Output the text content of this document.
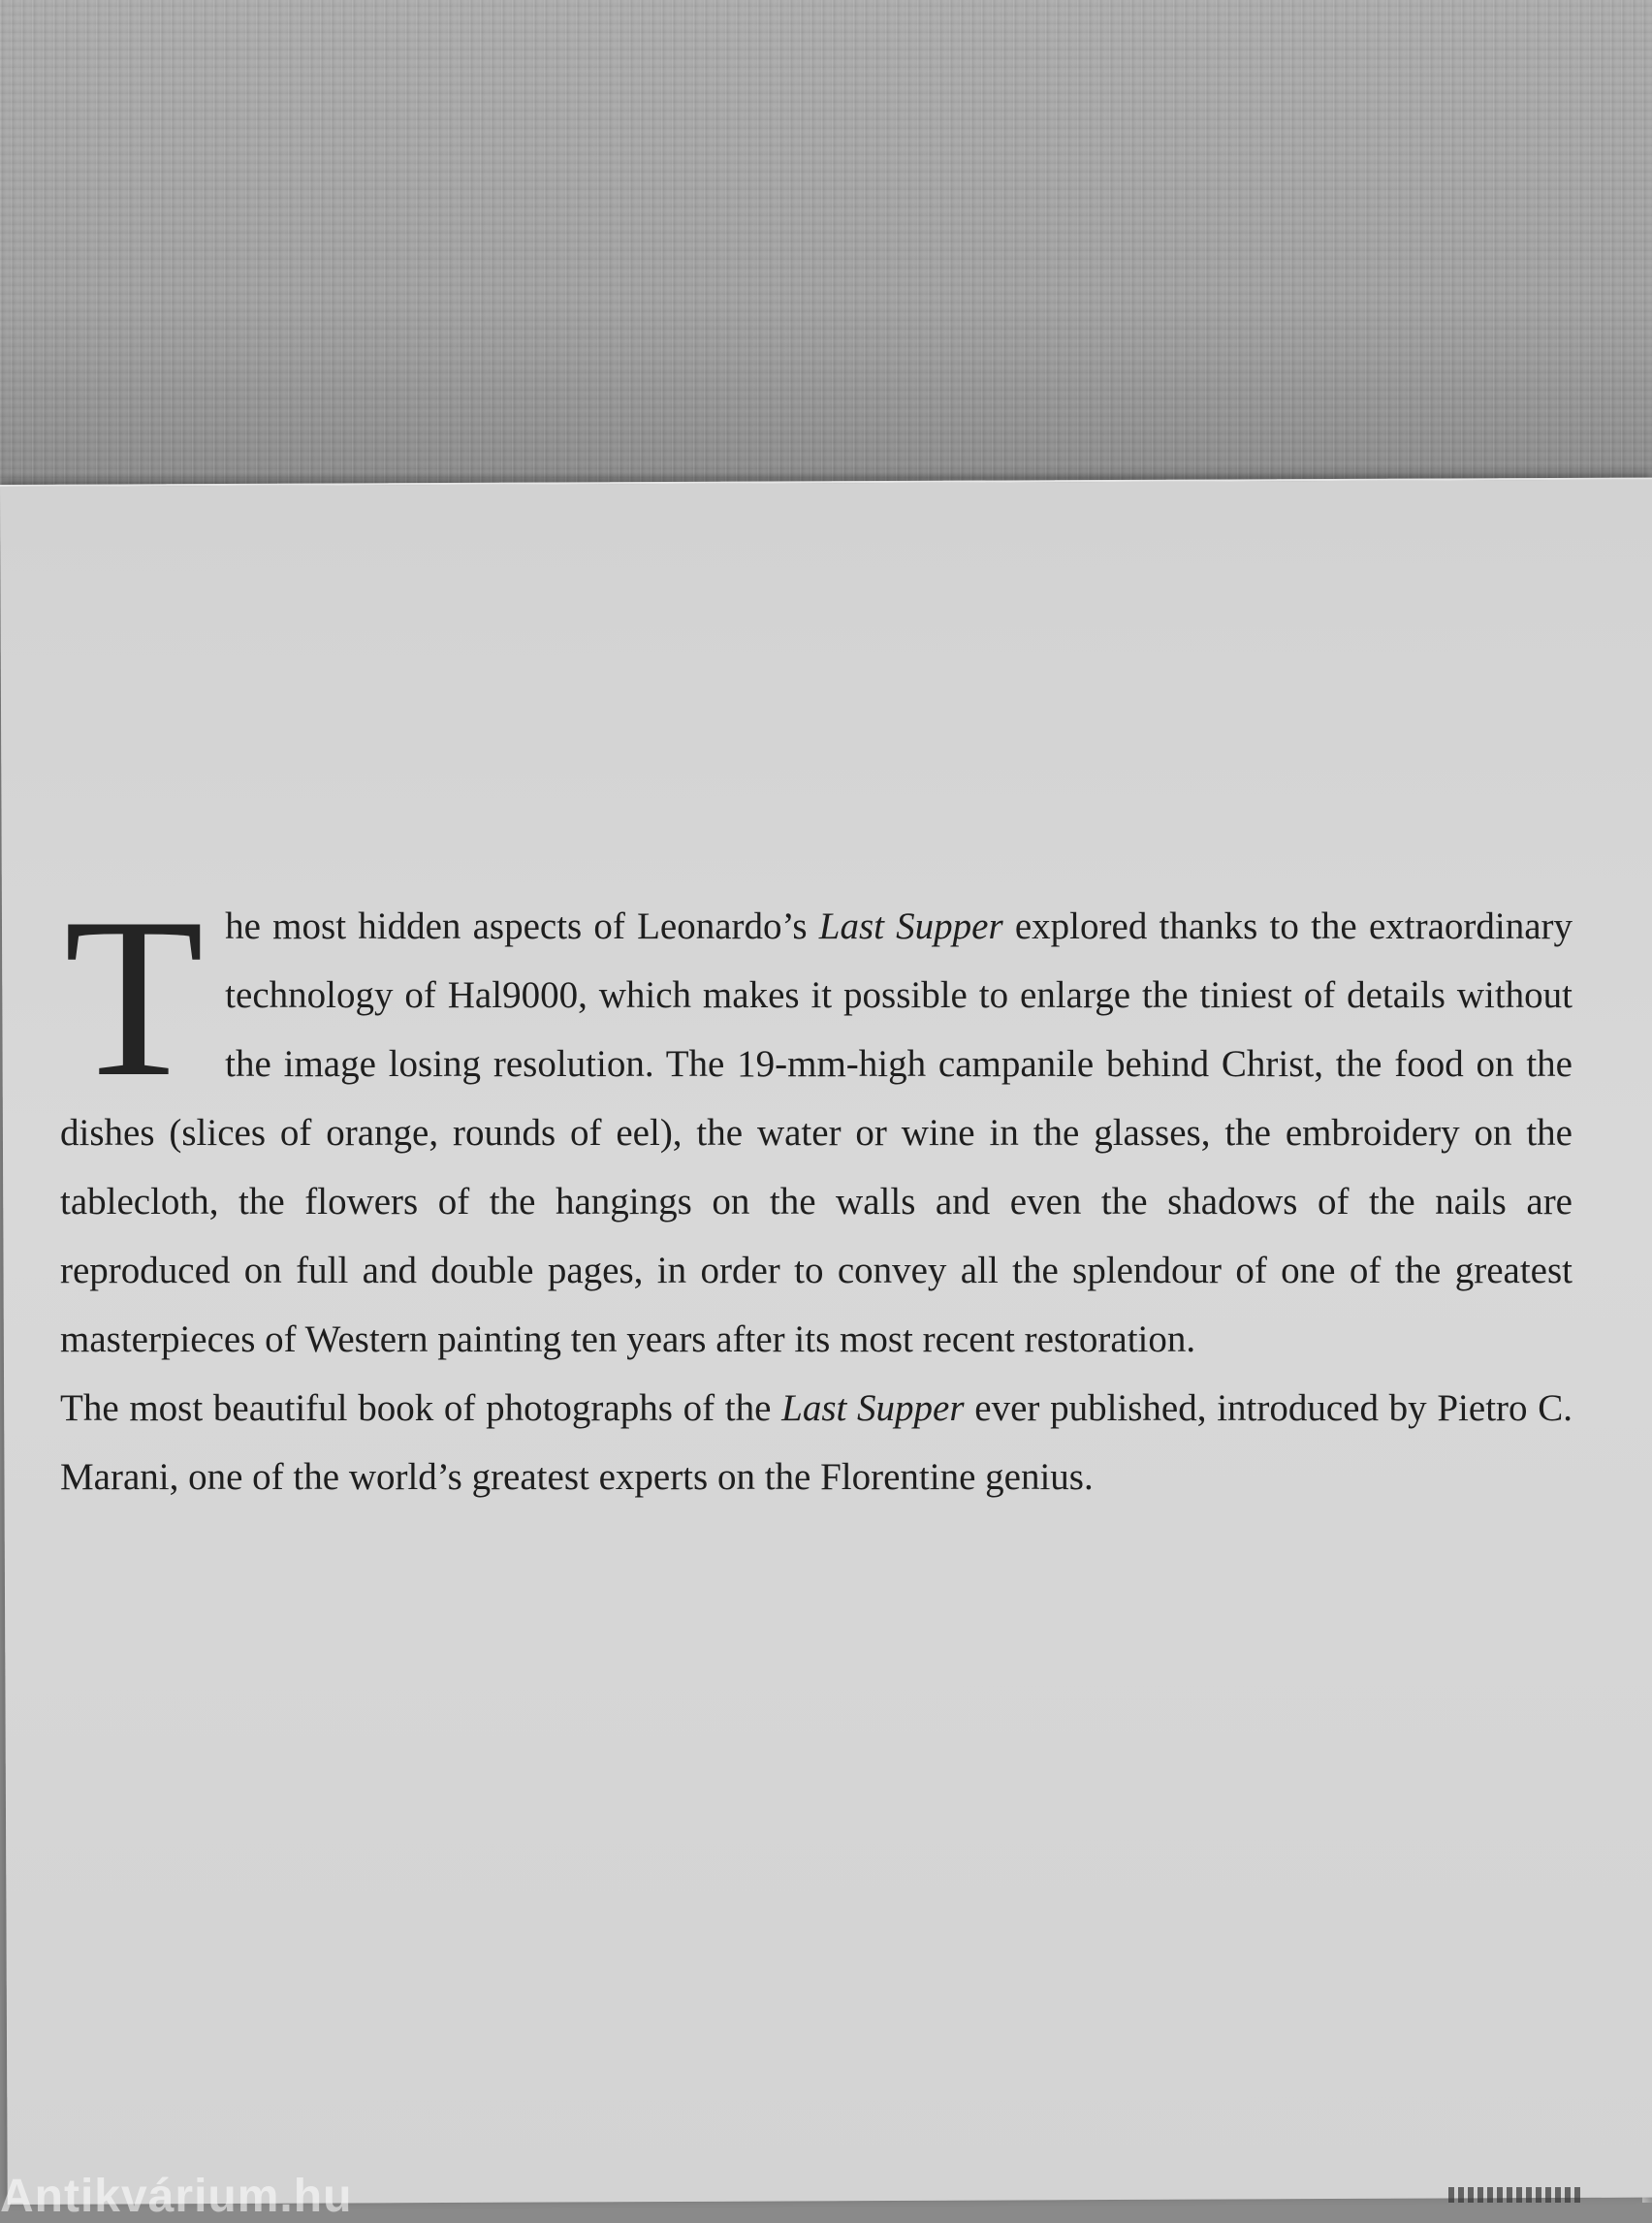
The most hidden aspects of Leonardo’s Last Supper explored thanks to the extraordinary technology of Hal9000, which makes it possible to enlarge the tiniest of details without the image losing resolution. The 19-mm-high campanile behind Christ, the food on the dishes (slices of orange, rounds of eel), the water or wine in the glasses, the embroidery on the tablecloth, the flowers of the hangings on the walls and even the shadows of the nails are reproduced on full and double pages, in order to convey all the splendour of one of the greatest masterpieces of Western painting ten years after its most recent restoration.

The most beautiful book of photographs of the Last Supper ever published, introduced by Pietro C. Marani, one of the world’s greatest experts on the Florentine genius.

Antikvárium.hu
